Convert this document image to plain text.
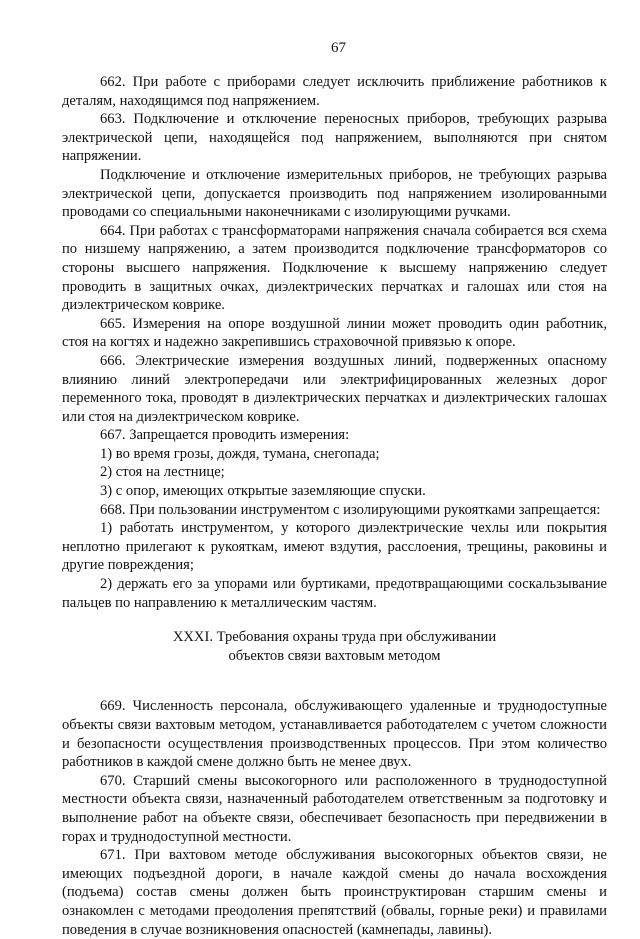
67

662. При работе с приборами следует исключить приближение работников к деталям, находящимся под напряжением.

663. Подключение и отключение переносных приборов, требующих разрыва электрической цепи, находящейся под напряжением, выполняются при снятом напряжении.

Подключение и отключение измерительных приборов, не требующих разрыва электрической цепи, допускается производить под напряжением изолированными проводами со специальными наконечниками с изолирующими ручками.

664. При работах с трансформаторами напряжения сначала собирается вся схема по низшему напряжению, а затем производится подключение трансформаторов со стороны высшего напряжения. Подключение к высшему напряжению следует проводить в защитных очках, диэлектрических перчатках и галошах или стоя на диэлектрическом коврике.

665. Измерения на опоре воздушной линии может проводить один работник, стоя на когтях и надежно закрепившись страховочной привязью к опоре.

666. Электрические измерения воздушных линий, подверженных опасному влиянию линий электропередачи или электрифицированных железных дорог переменного тока, проводят в диэлектрических перчатках и диэлектрических галошах или стоя на диэлектрическом коврике.

667. Запрещается проводить измерения:

1) во время грозы, дождя, тумана, снегопада;

2) стоя на лестнице;

3) с опор, имеющих открытые заземляющие спуски.

668. При пользовании инструментом с изолирующими рукоятками запрещается:

1) работать инструментом, у которого диэлектрические чехлы или покрытия неплотно прилегают к рукояткам, имеют вздутия, расслоения, трещины, раковины и другие повреждения;

2) держать его за упорами или буртиками, предотвращающими соскальзывание пальцев по направлению к металлическим частям.

XXXI. Требования охраны труда при обслуживании
объектов связи вахтовым методом

669. Численность персонала, обслуживающего удаленные и труднодоступные объекты связи вахтовым методом, устанавливается работодателем с учетом сложности и безопасности осуществления производственных процессов. При этом количество работников в каждой смене должно быть не менее двух.

670. Старший смены высокогорного или расположенного в труднодоступной местности объекта связи, назначенный работодателем ответственным за подготовку и выполнение работ на объекте связи, обеспечивает безопасность при передвижении в горах и труднодоступной местности.

671. При вахтовом методе обслуживания высокогорных объектов связи, не имеющих подъездной дороги, в начале каждой смены до начала восхождения (подъема) состав смены должен быть проинструктирован старшим смены и ознакомлен с методами преодоления препятствий (обвалы, горные реки) и правилами поведения в случае возникновения опасностей (камнепады, лавины).
